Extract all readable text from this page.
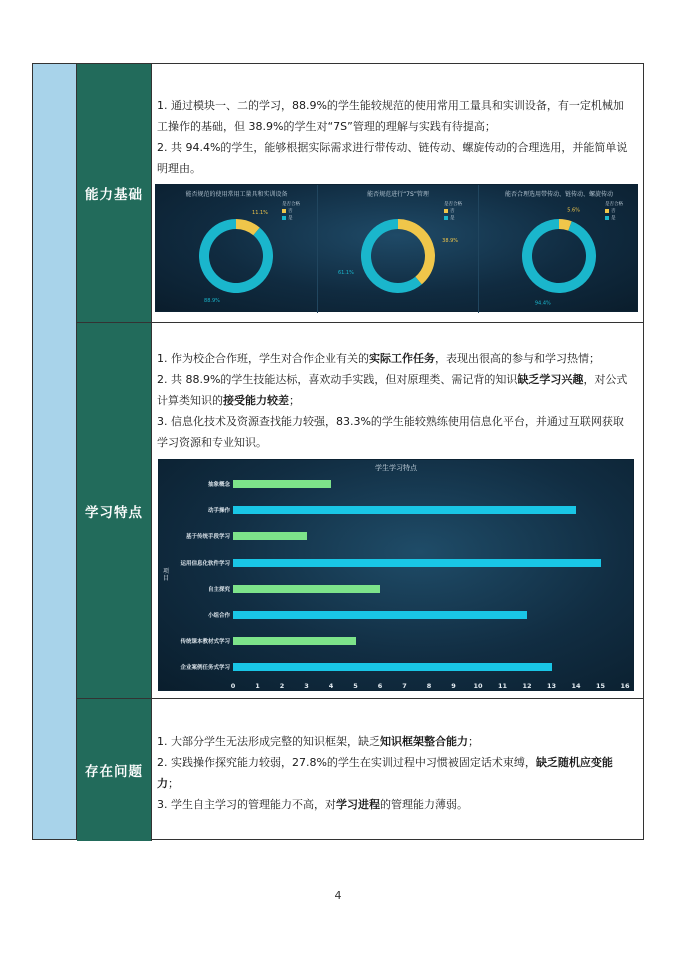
能力基础

1. 通过模块一、二的学习，88.9%的学生能较规范的使用常用工量具和实训设备，有一定机械加工操作的基础，但 38.9%的学生对“7S”管理的理解与实践有待提高；

2. 共 94.4%的学生，能够根据实际需求进行带传动、链传动、螺旋传动的合理选用，并能简单说明理由。

能否规范的使用常用工量具和实训设备
是否合格
否
是
11.1%
88.9%
能否规范进行“7S”管理
是否合格
否
是
38.9%
61.1%
能否合理选用带传动、链传动、螺旋传动
是否合格
否
是
5.6%
94.4%
学习特点

1. 作为校企合作班，学生对合作企业有关的实际工作任务，表现出很高的参与和学习热情；

2. 共 88.9%的学生技能达标，喜欢动手实践，但对原理类、需记背的知识缺乏学习兴趣，对公式计算类知识的接受能力较差；

3. 信息化技术及资源查找能力较强，83.3%的学生能较熟练使用信息化平台，并通过互联网获取学习资源和专业知识。

学生学习特点
项目
抽象概念
动手操作
基于传统手段学习
运用信息化软件学习
自主探究
小组合作
传统课本教材式学习
企业案例任务式学习
0	1	2	3	4	5	6	7	8	9	10 11 12 13 14 15 16
存在问题

1. 大部分学生无法形成完整的知识框架，缺乏知识框架整合能力；

2. 实践操作探究能力较弱，27.8%的学生在实训过程中习惯被固定话术束缚，缺乏随机应变能力；

3. 学生自主学习的管理能力不高，对学习进程的管理能力薄弱。

4
